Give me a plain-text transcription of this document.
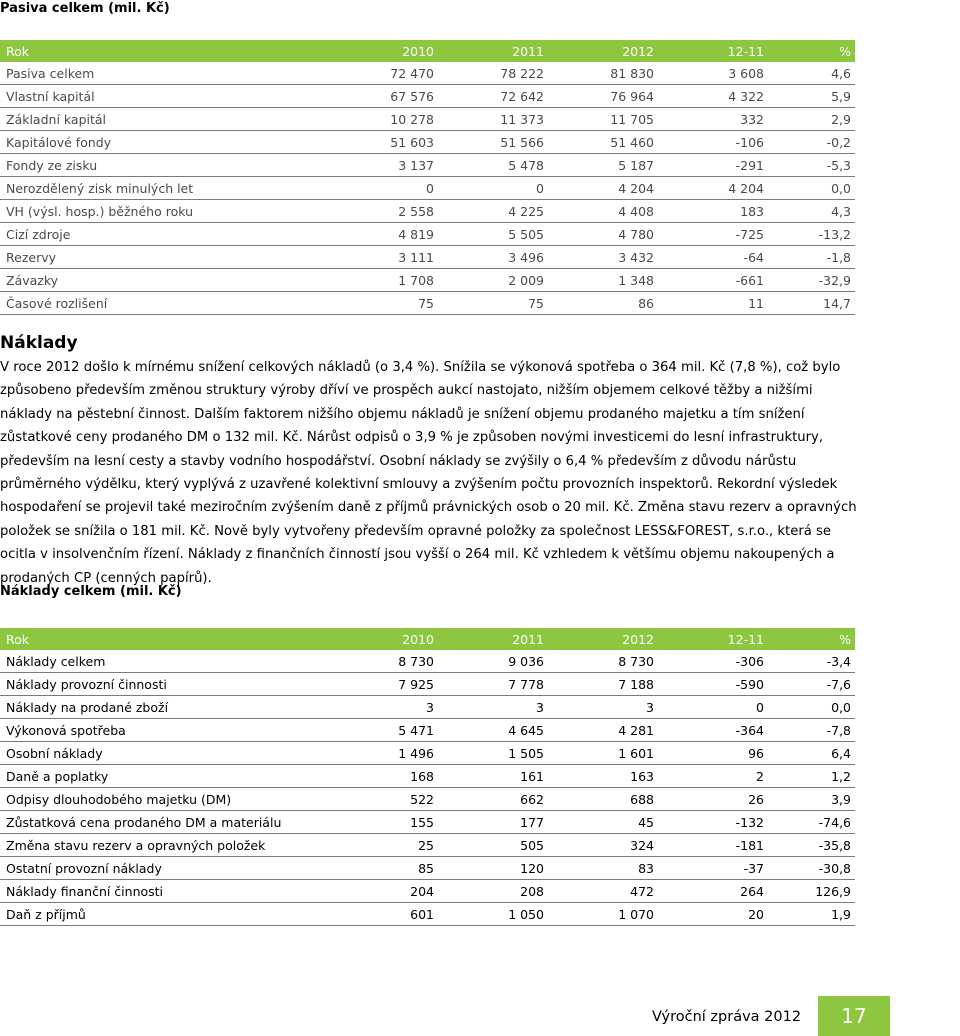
Pasiva celkem (mil. Kč)
Rok	2010	2011	2012	12-11	%
Pasiva celkem	72 470	78 222	81 830	3 608	4,6
Vlastní kapitál	67 576	72 642	76 964	4 322	5,9
Základní kapitál	10 278	11 373	11 705	332	2,9
Kapitálové fondy	51 603	51 566	51 460	-106	-0,2
Fondy ze zisku	3 137	5 478	5 187	-291	-5,3
Nerozdělený zisk minulých let	0	0	4 204	4 204	0,0
VH (výsl. hosp.) běžného roku	2 558	4 225	4 408	183	4,3
Cizí zdroje	4 819	5 505	4 780	-725	-13,2
Rezervy	3 111	3 496	3 432	-64	-1,8
Závazky	1 708	2 009	1 348	-661	-32,9
Časové rozlišení	75	75	86	11	14,7
Náklady

V roce 2012 došlo k mírnému snížení celkových nákladů (o 3,4 %). Snížila se výkonová spotřeba o 364 mil. Kč (7,8 %), což bylo způsobeno především změnou struktury výroby dříví ve prospěch aukcí nastojato, nižším objemem celkové těžby a nižšími náklady na pěstební činnost. Dalším faktorem nižšího objemu nákladů je snížení objemu prodaného majetku a tím snížení zůstatkové ceny prodaného DM o 132 mil. Kč. Nárůst odpisů o 3,9 % je způsoben novými investicemi do lesní infrastruktury, především na lesní cesty a stavby vodního hospodářství. Osobní náklady se zvýšily o 6,4 % především z důvodu nárůstu průměrného výdělku, který vyplývá z uzavřené kolektivní smlouvy a zvýšením počtu provozních inspektorů. Rekordní výsledek hospodaření se projevil také meziročním zvýšením daně z příjmů právnických osob o 20 mil. Kč. Změna stavu rezerv a opravných položek se snížila o 181 mil. Kč. Nově byly vytvořeny především opravné položky za společnost LESS&FOREST, s.r.o., která se ocitla v insolvenčním řízení. Náklady z finančních činností jsou vyšší o 264 mil. Kč vzhledem k většímu objemu nakoupených a prodaných CP (cenných papírů).

Náklady celkem (mil. Kč)
Rok	2010	2011	2012	12-11	%
Náklady celkem	8 730	9 036	8 730	-306	-3,4
Náklady provozní činnosti	7 925	7 778	7 188	-590	-7,6
Náklady na prodané zboží	3	3	3	0	0,0
Výkonová spotřeba	5 471	4 645	4 281	-364	-7,8
Osobní náklady	1 496	1 505	1 601	96	6,4
Daně a poplatky	168	161	163	2	1,2
Odpisy dlouhodobého majetku (DM)	522	662	688	26	3,9
Zůstatková cena prodaného DM a materiálu	155	177	45	-132	-74,6
Změna stavu rezerv a opravných položek	25	505	324	-181	-35,8
Ostatní provozní náklady	85	120	83	-37	-30,8
Náklady finanční činnosti	204	208	472	264	126,9
Daň z příjmů	601	1 050	1 070	20	1,9
Výroční zpráva 2012	17
